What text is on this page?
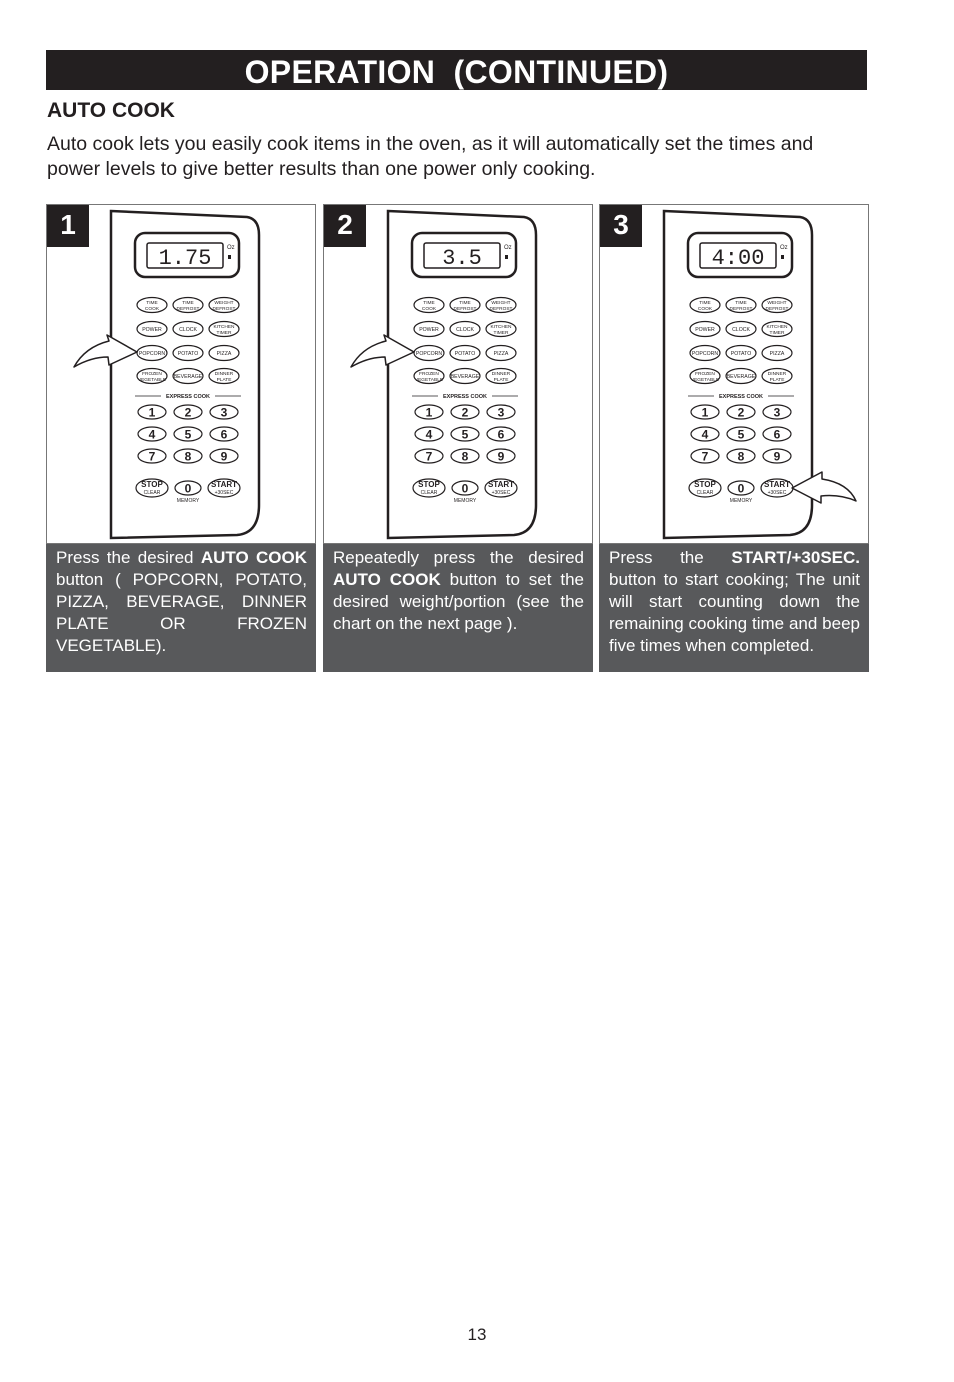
OPERATION  (CONTINUED)
AUTO COOK
Auto cook lets you easily cook items in the oven, as it will automatically set the times and power levels to give better results than one power only cooking.
1.75	Oz
TIME
COOK
TIME
DEFROST
WEIGHT
DEFROST
POWER	CLOCK	KITCHEN
TIMER
POPCORN POTATO	PIZZA
FROZEN
VEGETABLE
BEVERAGE	DINNER
PLATE
EXPRESS COOK
1 2 3
4 5 6
7 8 9
STOP
CLEAR 0
MEMORY
START
+30SEC
1
Press the desired AUTO COOK button ( POPCORN, POTATO, PIZZA, BEVERAGE, DINNER PLATE OR FROZEN VEGETABLE).
3.5	Oz
TIME
COOK
TIME
DEFROST
WEIGHT
DEFROST
POWER	CLOCK	KITCHEN
TIMER
POPCORN POTATO	PIZZA
FROZEN
VEGETABLE
BEVERAGE	DINNER
PLATE
EXPRESS COOK
1 2 3
4 5 6
7 8 9
STOP
CLEAR 0
MEMORY
START
+30SEC
2
Repeatedly press the desired AUTO COOK button to set the desired weight/portion (see the chart on the next page ).
4:00	Oz
TIME
COOK
TIME
DEFROST
WEIGHT
DEFROST
POWER	CLOCK	KITCHEN
TIMER
POPCORN POTATO	PIZZA
FROZEN
VEGETABLE
BEVERAGE	DINNER
PLATE
EXPRESS COOK
1 2 3
4 5 6
7 8 9
STOP
CLEAR 0
MEMORY
START
+30SEC
3
Press the START/+30SEC. button to start cooking; The unit will start counting down the remaining cooking time and beep five times when completed.
13
